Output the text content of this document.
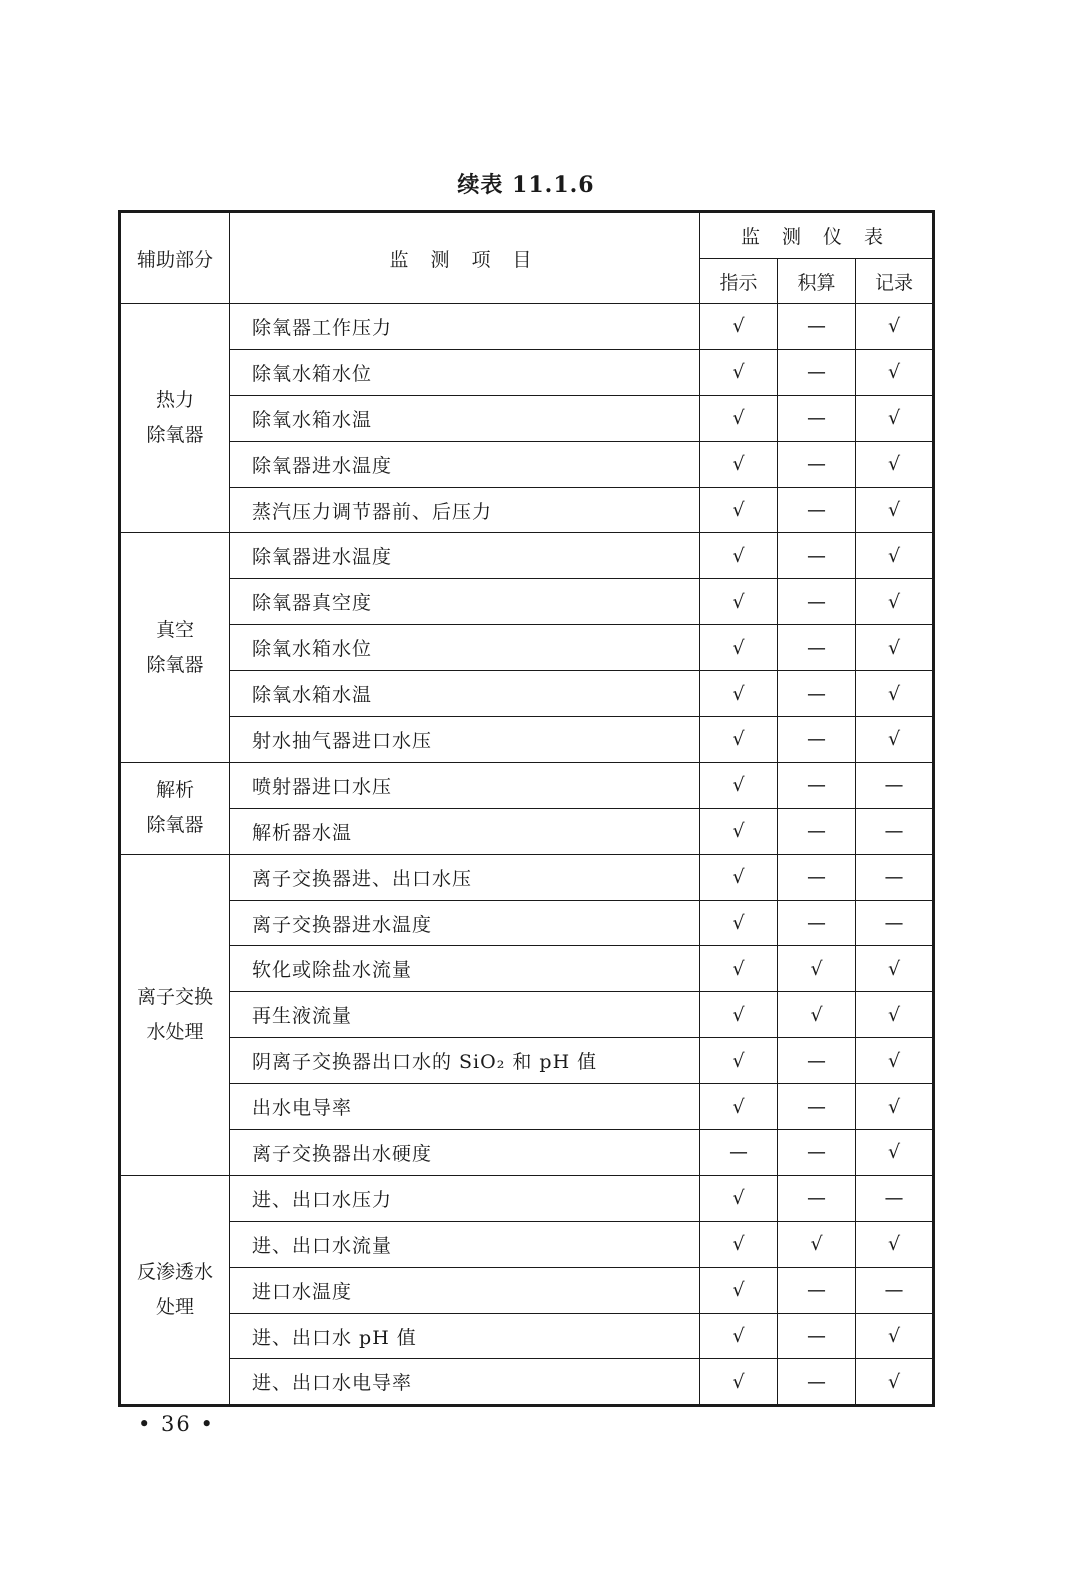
续表 11.1.6
辅助部分	监 测 项 目	监 测 仪 表		
		指示	积算	记录

热力
除氧器	除氧器工作压力	√	—	√
	除氧水箱水位	√	—	√
	除氧水箱水温	√	—	√
	除氧器进水温度	√	—	√
	蒸汽压力调节器前、后压力	√	—	√

真空
除氧器	除氧器进水温度	√	—	√
	除氧器真空度	√	—	√
	除氧水箱水位	√	—	√
	除氧水箱水温	√	—	√
	射水抽气器进口水压	√	—	√

解析
除氧器	喷射器进口水压	√	—	—
	解析器水温	√	—	—

离子交换
水处理	离子交换器进、出口水压	√	—	—
	离子交换器进水温度	√	—	—
	软化或除盐水流量	√	√	√
	再生液流量	√	√	√
	阴离子交换器出口水的 SiO₂ 和 pH 值	√	—	√
	出水电导率	√	—	√
	离子交换器出水硬度	—	—	√

反渗透水
处理	进、出口水压力	√	—	—
	进、出口水流量	√	√	√
	进口水温度	√	—	—
	进、出口水 pH 值	√	—	√
	进、出口水电导率	√	—	√
• 36 •
